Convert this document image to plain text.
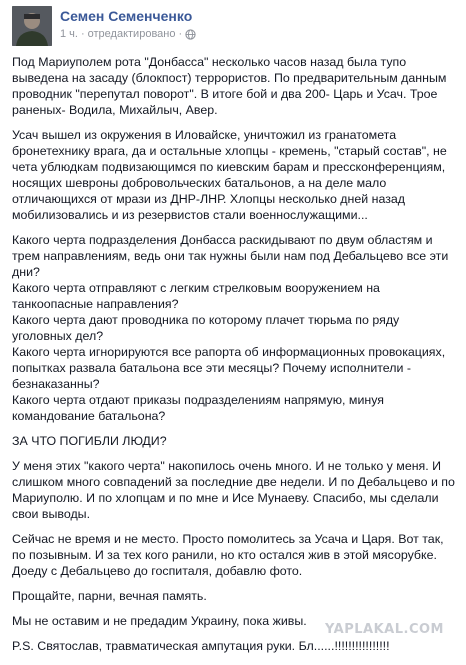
Семен Семенченко
1 ч. · отредактировано ·

Под Мариуполем рота "Донбасса" несколько часов назад была тупо выведена на засаду (блокпост) террористов. По предварительным данным проводник "перепутал поворот". В итоге бой и два 200- Царь и Усач. Трое раненых- Водила, Михайлыч, Авер.

Усач вышел из окружения в Иловайске, уничтожил из гранатомета бронетехнику врага, да и остальные хлопцы - кремень, "старый состав", не чета ублюдкам подвизающимся по киевским барам и прессконференциям, носящих шевроны добровольческих батальонов, а на деле мало отличающихся от мрази из ДНР-ЛНР. Хлопцы несколько дней назад мобилизовались и из резервистов стали военнослужащими...

Какого черта подразделения Донбасса раскидывают по двум областям и трем направлениям, ведь они так нужны были нам под Дебальцево все эти дни?

Какого черта отправляют с легким стрелковым вооружением на танкоопасные направления?

Какого черта дают проводника по которому плачет тюрьма по ряду уголовных дел?

Какого черта игнорируются все рапорта об информационных провокациях, попытках развала батальона все эти месяцы? Почему исполнители - безнаказанны?

Какого черта отдают приказы подразделениям напрямую, минуя командование батальона?

ЗА ЧТО ПОГИБЛИ ЛЮДИ?

У меня этих "какого черта" накопилось очень много. И не только у меня. И слишком много совпадений за последние две недели. И по Дебальцево и по Мариуполю. И по хлопцам и по мне и Исе Мунаеву. Спасибо, мы сделали свои выводы.

Сейчас не время и не место. Просто помолитесь за Усача и Царя. Вот так, по позывным. И за тех кого ранили, но кто остался жив в этой мясорубке. Доеду с Дебальцево до госпиталя, добавлю фото.

Прощайте, парни, вечная память.

Мы не оставим и не предадим Украину, пока живы.

P.S. Святослав, травматическая ампутация руки. Бл......!!!!!!!!!!!!!!!!

YAPLAKAL.COM
